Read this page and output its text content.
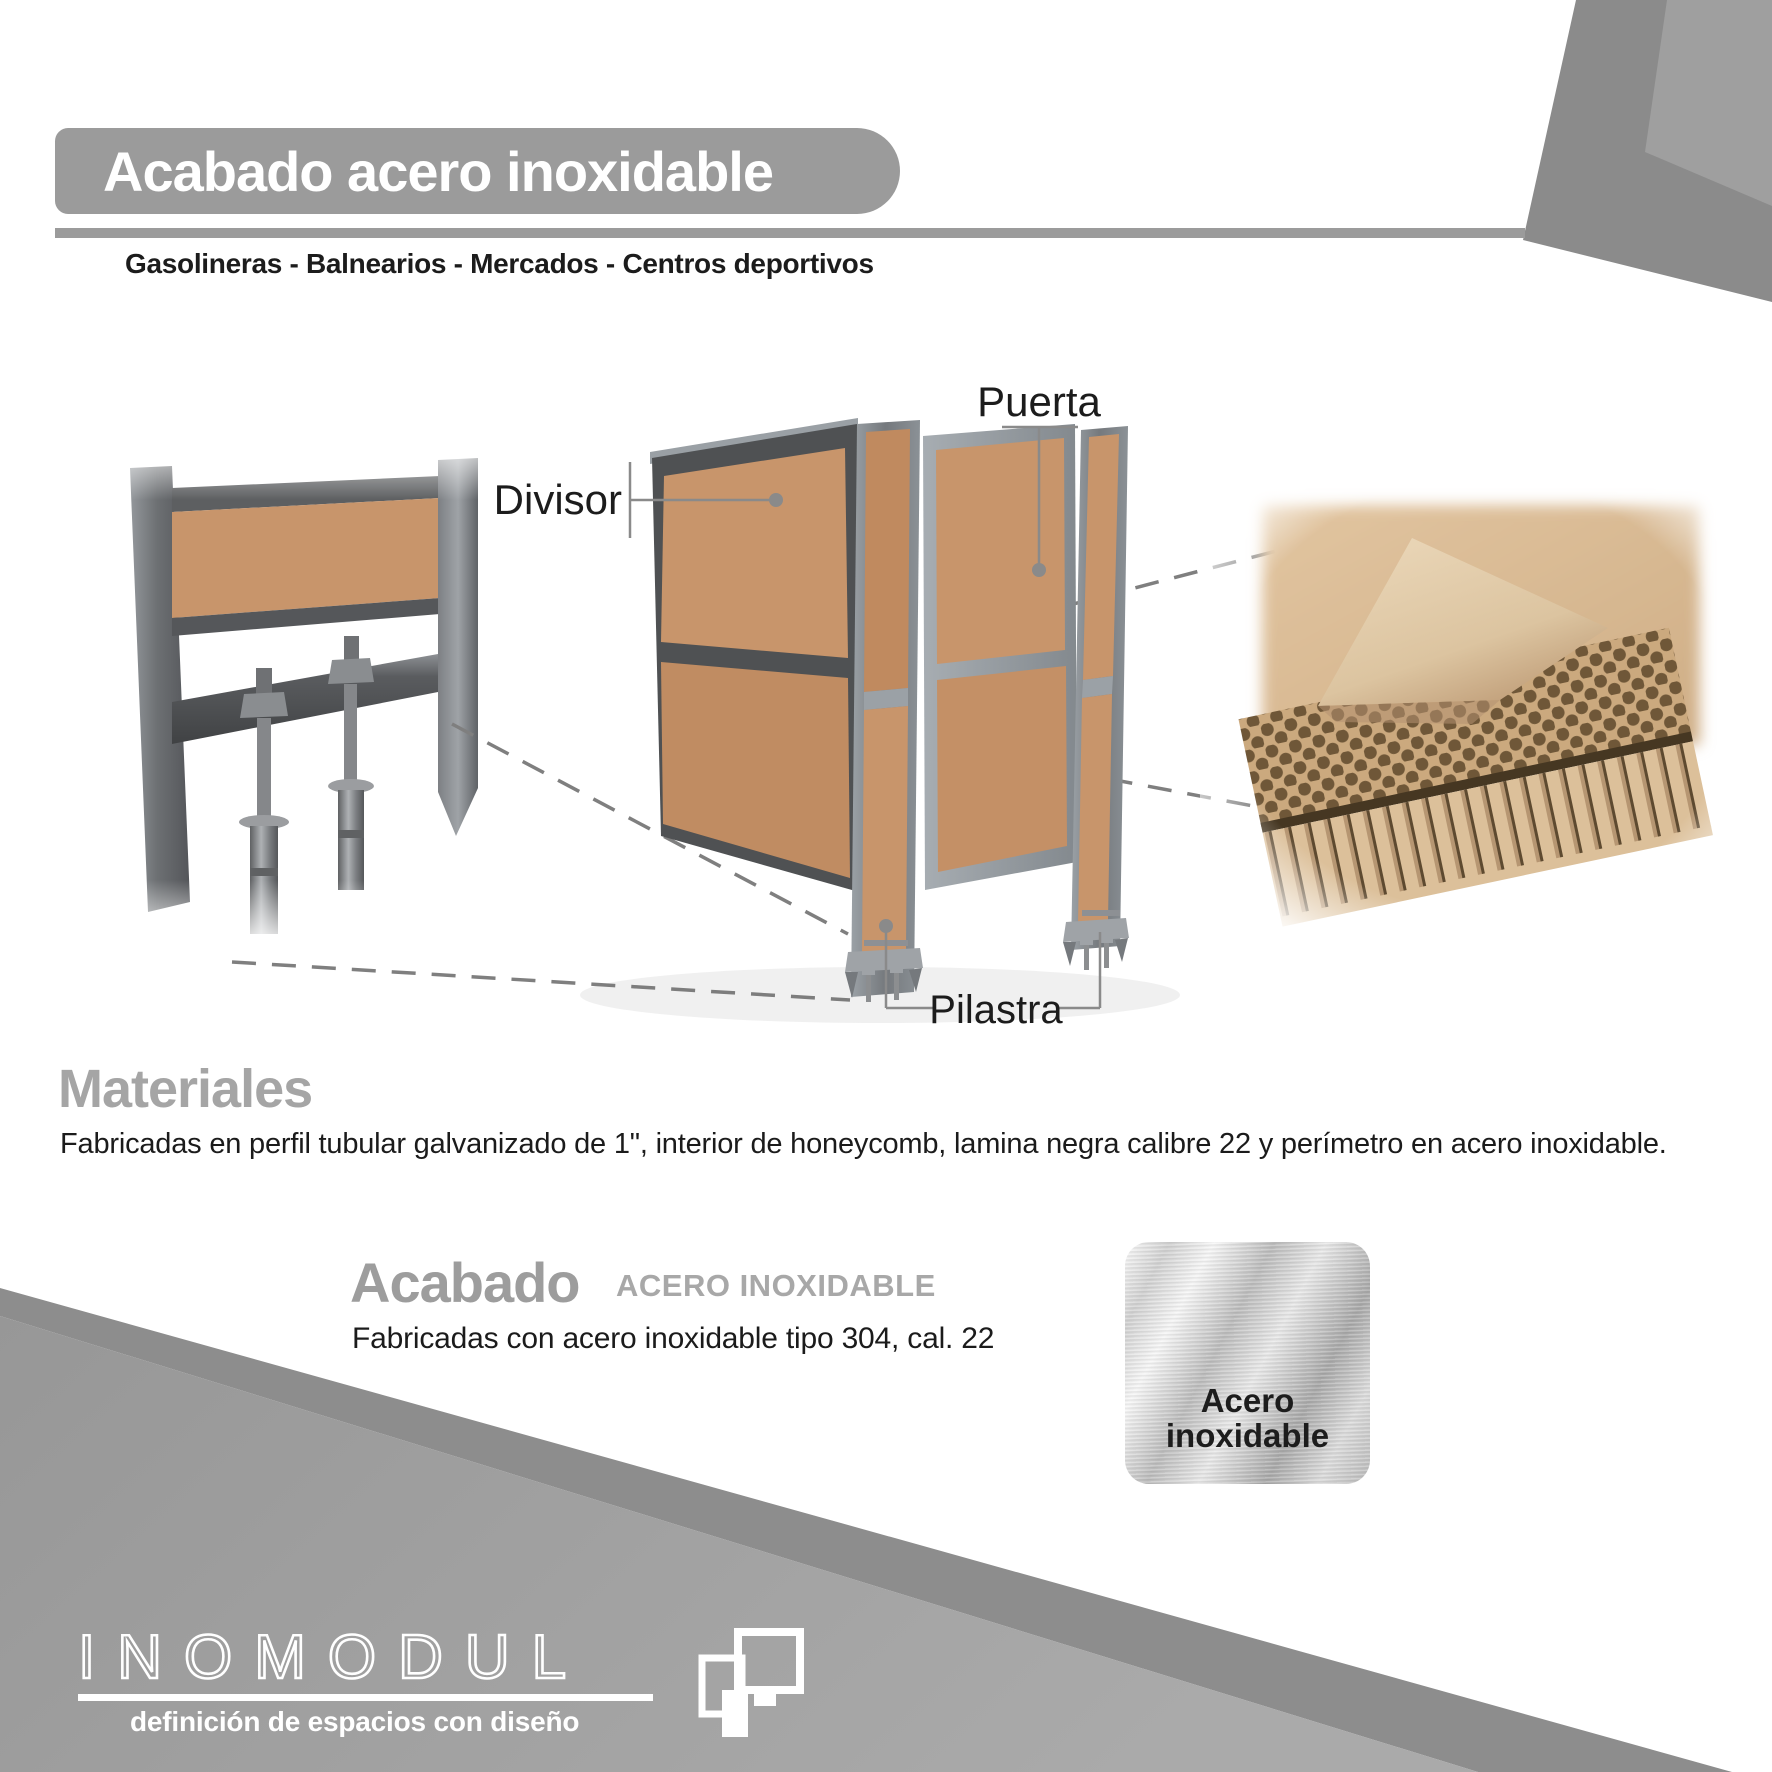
Divisor
Puerta
Pilastra
Acabado acero inoxidable
Gasolineras - Balnearios - Mercados - Centros deportivos
Materiales
Fabricadas en perfil tubular galvanizado de 1", interior de honeycomb, lamina negra calibre 22 y perímetro en acero inoxidable.
Acabado ACERO INOXIDABLE
Fabricadas con acero inoxidable tipo 304, cal. 22
Acero
inoxidable
INOMODUL
definición de espacios con diseño
